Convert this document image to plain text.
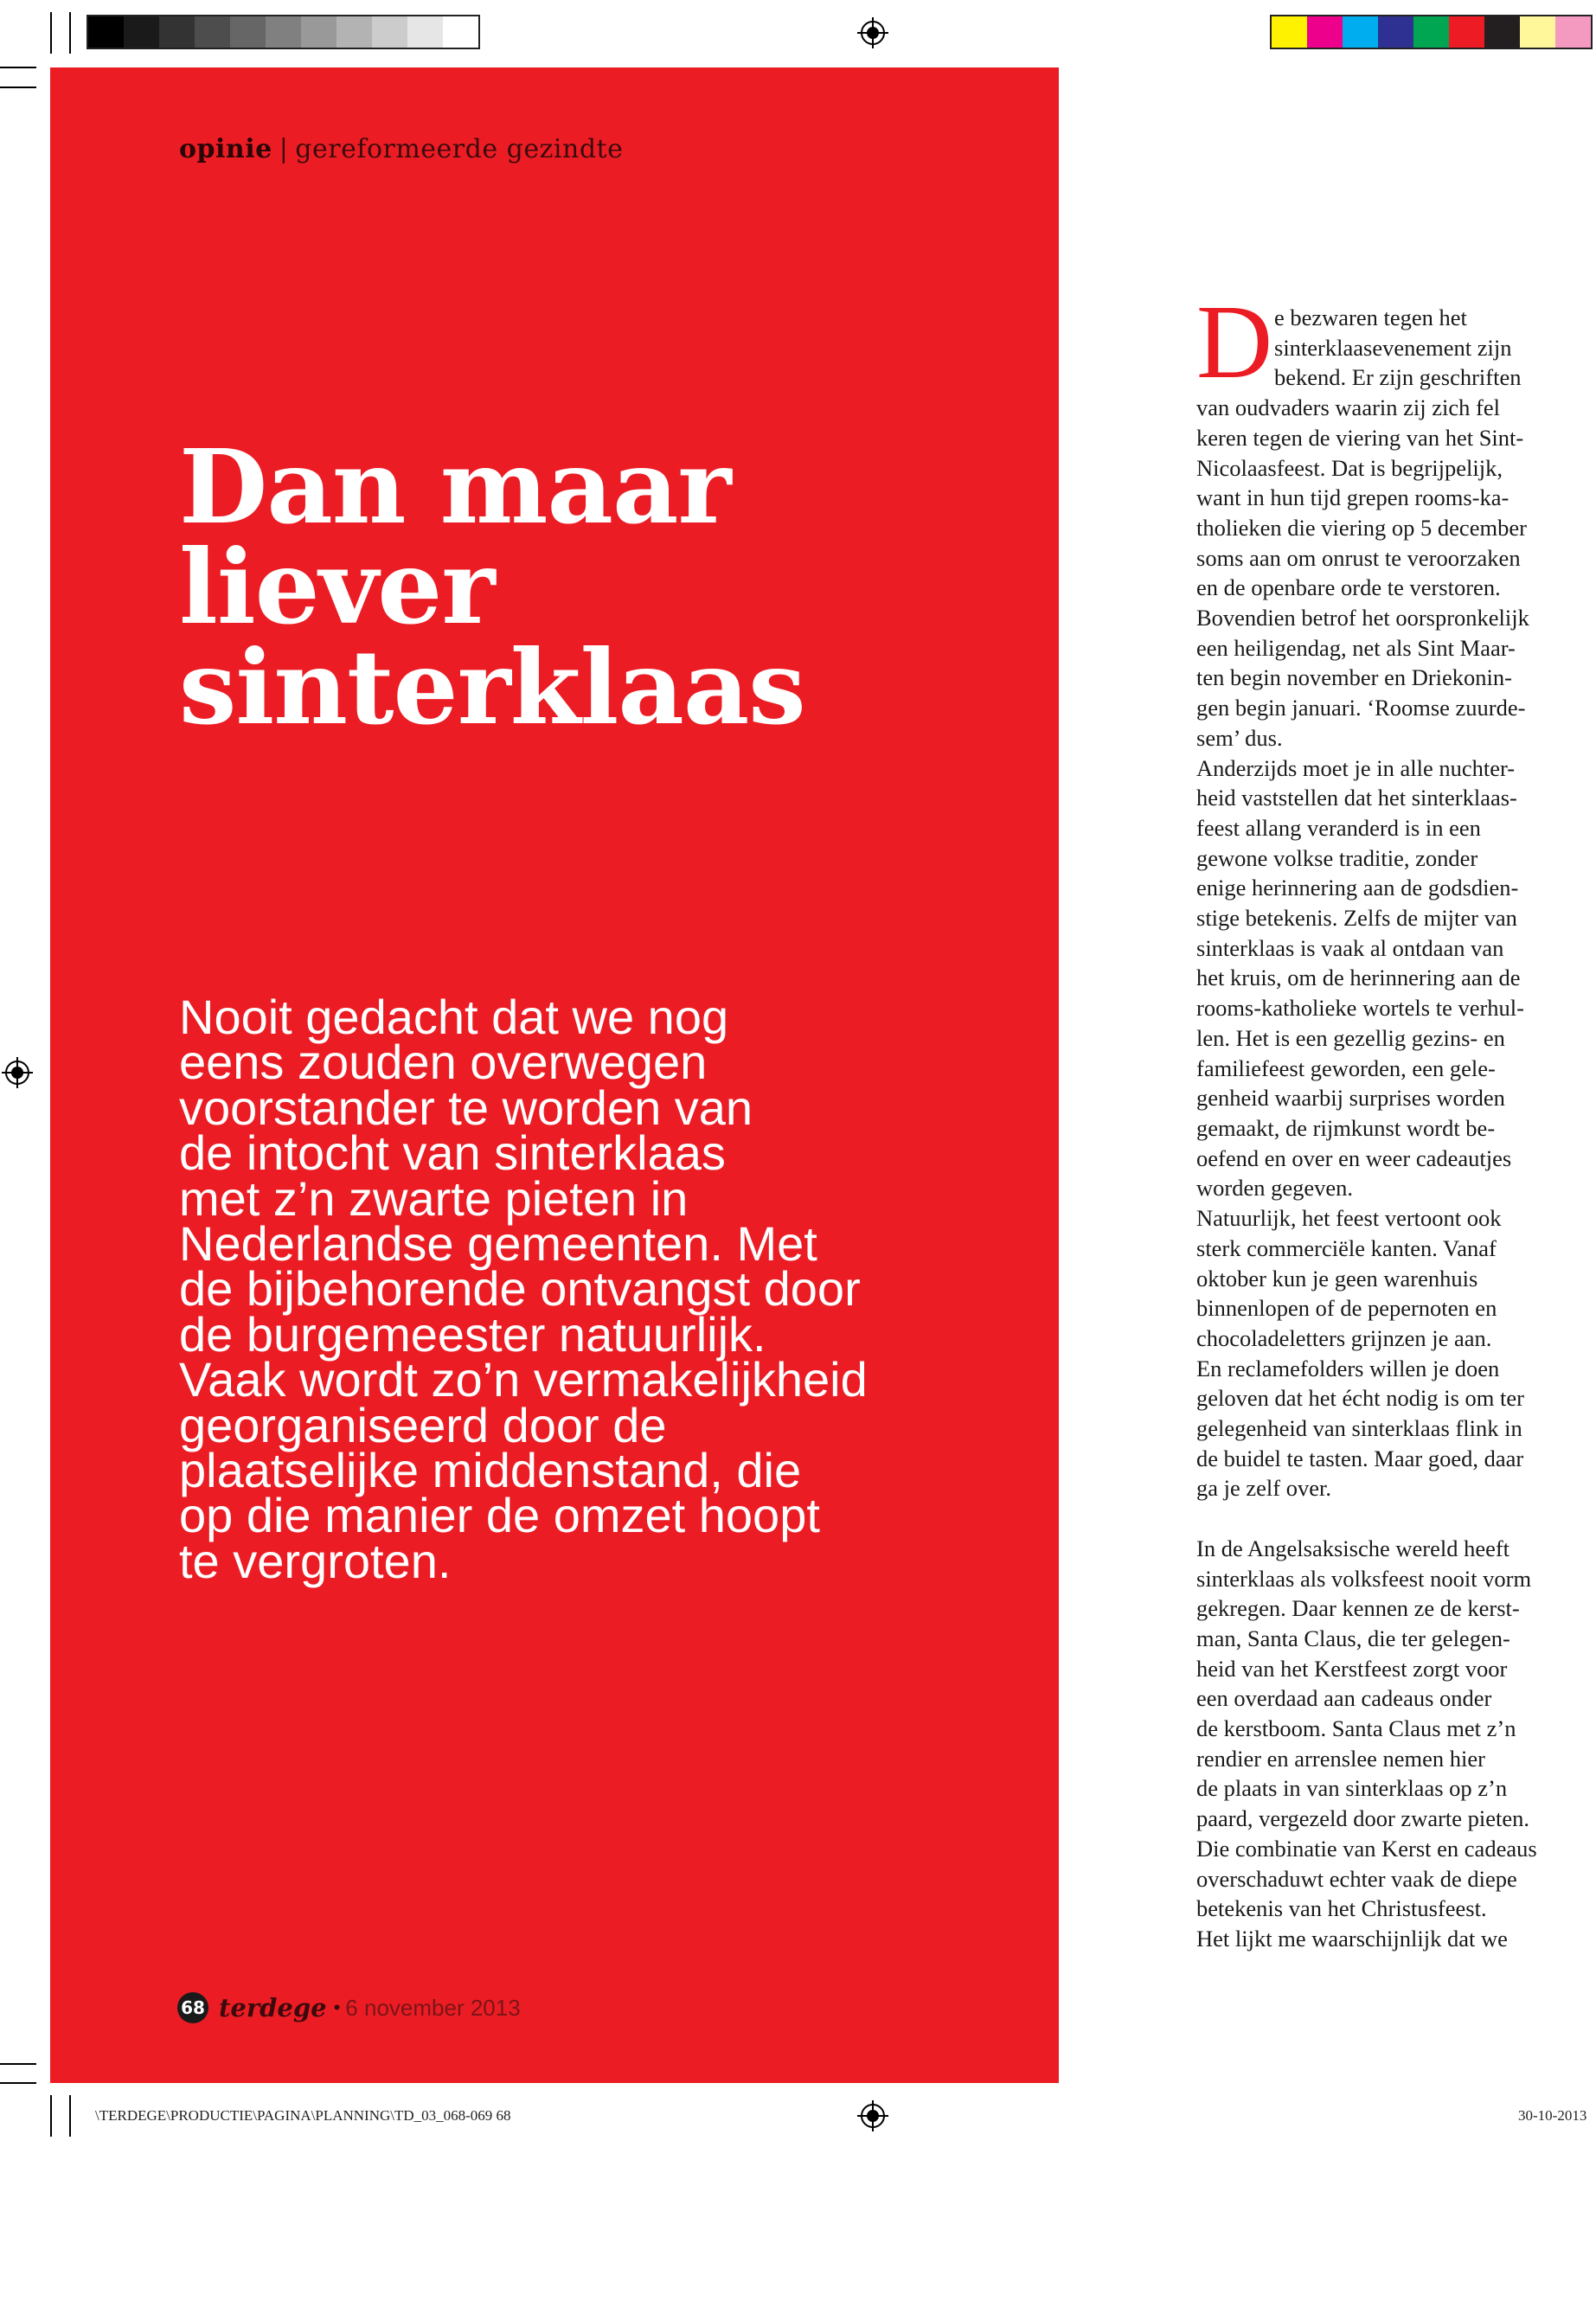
opinie | gereformeerde gezindte
Dan maar
liever
sinterklaas
Nooit gedacht dat we nog
eens zouden overwegen
voorstander te worden van
de intocht van sinterklaas
met z’n zwarte pieten in
Nederlandse gemeenten. Met
de bijbehorende ontvangst door
de burgemeester natuurlijk.
Vaak wordt zo’n vermakelijkheid
georganiseerd door de
plaatselijke middenstand, die
op die manier de omzet hoopt
te vergroten.
68 terdege • 6 november 2013
D e bezwaren tegen het
sinterklaasevenement zijn
bekend. Er zijn geschriften
van oudvaders waarin zij zich fel
keren tegen de viering van het Sint-
Nicolaasfeest. Dat is begrijpelijk,
want in hun tijd grepen rooms-ka-
tholieken die viering op 5 december
soms aan om onrust te veroorzaken
en de openbare orde te verstoren.
Bovendien betrof het oorspronkelijk
een heiligendag, net als Sint Maar-
ten begin november en Driekonin-
gen begin januari. ‘Roomse zuurde-
sem’ dus.
Anderzijds moet je in alle nuchter-
heid vaststellen dat het sinterklaas-
feest allang veranderd is in een
gewone volkse traditie, zonder
enige herinnering aan de godsdien-
stige betekenis. Zelfs de mijter van
sinterklaas is vaak al ontdaan van
het kruis, om de herinnering aan de
rooms-katholieke wortels te verhul-
len. Het is een gezellig gezins- en
familiefeest geworden, een gele-
genheid waarbij surprises worden
gemaakt, de rijmkunst wordt be-
oefend en over en weer cadeautjes
worden gegeven.
Natuurlijk, het feest vertoont ook
sterk commerciële kanten. Vanaf
oktober kun je geen warenhuis
binnenlopen of de pepernoten en
chocoladeletters grijnzen je aan.
En reclamefolders willen je doen
geloven dat het écht nodig is om ter
gelegenheid van sinterklaas flink in
de buidel te tasten. Maar goed, daar
ga je zelf over.
In de Angelsaksische wereld heeft
sinterklaas als volksfeest nooit vorm
gekregen. Daar kennen ze de kerst-
man, Santa Claus, die ter gelegen-
heid van het Kerstfeest zorgt voor
een overdaad aan cadeaus onder
de kerstboom. Santa Claus met z’n
rendier en arrenslee nemen hier
de plaats in van sinterklaas op z’n
paard, vergezeld door zwarte pieten.
Die combinatie van Kerst en cadeaus
overschaduwt echter vaak de diepe
betekenis van het Christusfeest.
Het lijkt me waarschijnlijk dat we
\TERDEGE\PRODUCTIE\PAGINA\PLANNING\TD_03_068-069 68	30-10-2013
